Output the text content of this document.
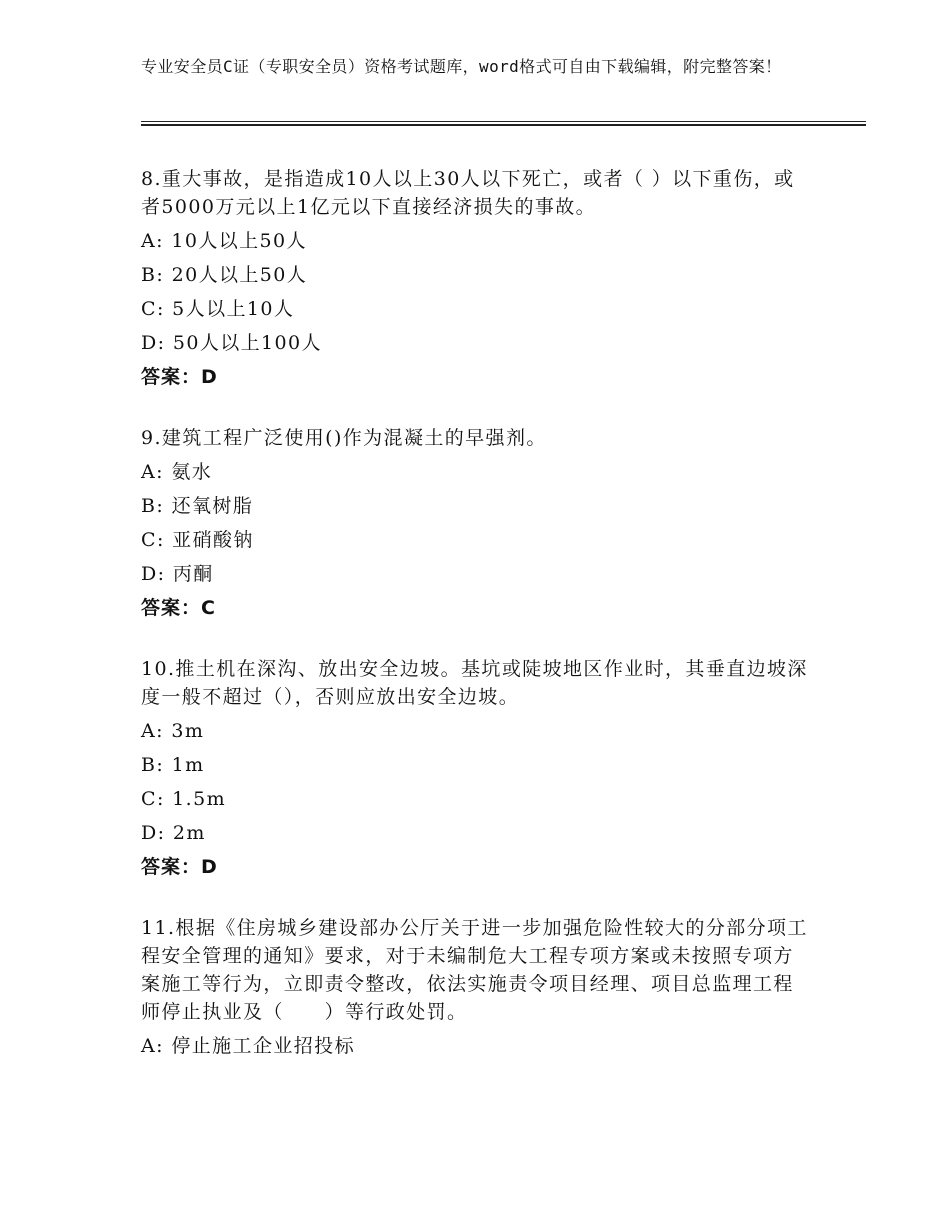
专业安全员C证（专职安全员）资格考试题库，word格式可自由下载编辑，附完整答案！

8.重大事故，是指造成10人以上30人以下死亡，或者（ ）以下重伤，或者5000万元以上1亿元以下直接经济损失的事故。

A: 10人以上50人

B: 20人以上50人

C: 5人以上10人

D: 50人以上100人

答案：D

9.建筑工程广泛使用()作为混凝土的早强剂。

A: 氨水

B: 还氧树脂

C: 亚硝酸钠

D: 丙酮

答案：C

10.推土机在深沟、放出安全边坡。基坑或陡坡地区作业时，其垂直边坡深度一般不超过（），否则应放出安全边坡。

A: 3m

B: 1m

C: 1.5m

D: 2m

答案：D

11.根据《住房城乡建设部办公厅关于进一步加强危险性较大的分部分项工程安全管理的通知》要求，对于未编制危大工程专项方案或未按照专项方案施工等行为，立即责令整改，依法实施责令项目经理、项目总监理工程师停止执业及（　　）等行政处罚。

A: 停止施工企业招投标
